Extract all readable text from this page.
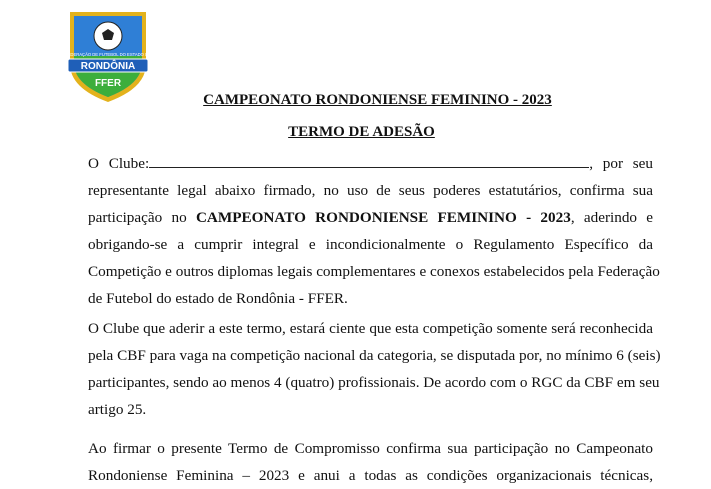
FEDERAÇÃO DE FUTEBOL DO ESTADO DE
RONDÔNIA
FFER
CAMPEONATO RONDONIENSE FEMININO - 2023
TERMO DE ADESÃO
O Clube:	, por seu
representante legal abaixo firmado, no uso de seus poderes estatutários, confirma sua
participação no CAMPEONATO RONDONIENSE FEMININO - 2023, aderindo e
obrigando-se a cumprir integral e incondicionalmente o Regulamento Específico da
Competição e outros diplomas legais complementares e conexos estabelecidos pela Federação
de Futebol do estado de Rondônia - FFER.
O Clube que aderir a este termo, estará ciente que esta competição somente será reconhecida
pela CBF para vaga na competição nacional da categoria, se disputada por, no mínimo 6 (seis)
participantes, sendo ao menos 4 (quatro) profissionais. De acordo com o RGC da CBF em seu
artigo 25.
Ao firmar o presente Termo de Compromisso confirma sua participação no Campeonato
Rondoniense Feminina – 2023 e anui a todas as condições organizacionais técnicas,
